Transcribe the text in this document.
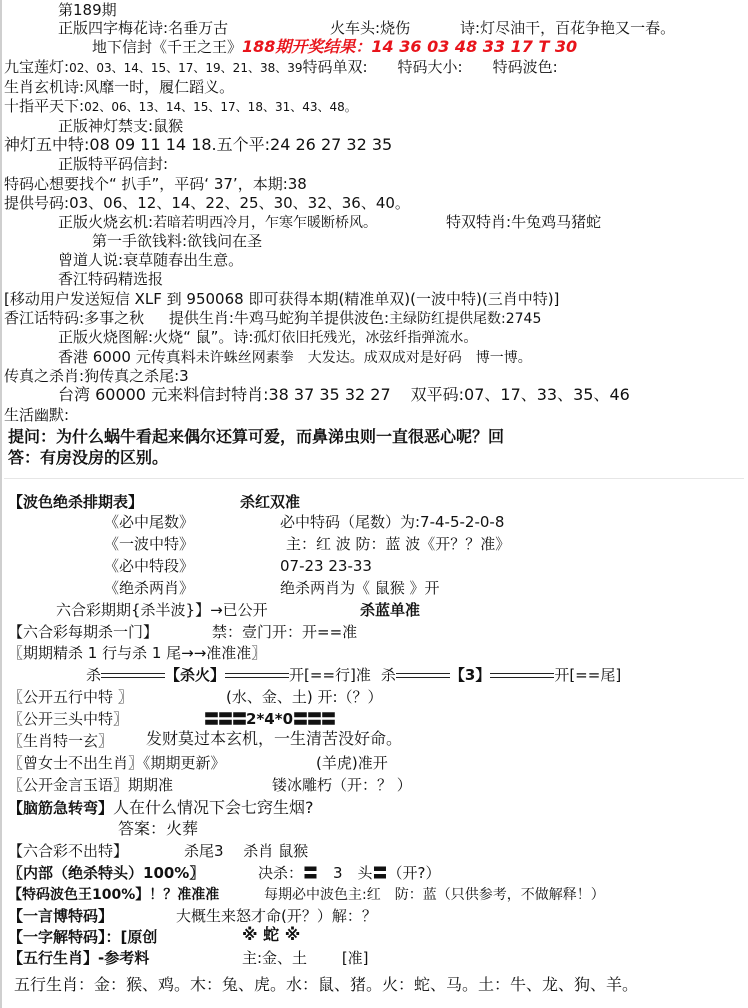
第189期
正版四字梅花诗:名垂万古	火车头:烧伤	诗:灯尽油干，百花争艳又一春。
地下信封《千王之王》188期开奖结果：14 36 03 48 33 17 T 30
九宝莲灯:02、03、14、15、17、19、21、38、39特码单双:　　特码大小:　　特码波色:
生肖玄机诗:风靡一时，履仁蹈义。
十指平天下:02、06、13、14、15、17、18、31、43、48。
正版神灯禁支:鼠猴
神灯五中特:08 09 11 14 18.五个平:24 26 27 32 35
正版特平码信封:
特码心想要找个“ 扒手”，平码‘ 37’，本期:38
提供号码:03、06、12、14、22、25、30、32、36、40。
正版火烧玄机:若暗若明西冷月，乍寒乍暖断桥风。	特双特肖:牛兔鸡马猪蛇
第一手欲钱料:欲钱问在圣
曾道人说:衰草随春出生意。
香江特码精选报
[移动用户发送短信 XLF 到 950068 即可获得本期(精准单双)(一波中特)(三肖中特)]
香江话特码:多事之秋 提供生肖:牛鸡马蛇狗羊提供波色:主绿防红提供尾数:2745
正版火烧图解:火烧“ 鼠”。诗:孤灯依旧托残光，冰弦纤指弹流水。
香港 6000 元传真料未许蛛丝网素拳　大发达。成双成对是好码　博一博。
传真之杀肖:狗传真之杀尾:3
台湾 60000 元来料信封特肖:38 37 35 32 27 双平码:07、17、33、35、46
生活幽默:
提问：为什么蜗牛看起来偶尔还算可爱，而鼻涕虫则一直很恶心呢？回
答：有房没房的区别。
【波色绝杀排期表】	杀红双准
《必中尾数》	必中特码（尾数）为:7-4-5-2-0-8
《一波中特》	主：红 波 防：蓝 波《开？？准》
《必中特段》	07-23 23-33
《绝杀两肖》	绝杀两肖为《 鼠猴 》开
六合彩期期{杀半波}】→已公开	杀蓝单准
【六合彩每期杀一门】	禁：壹门开：开==准
〖期期精杀 1 行与杀 1 尾→→准准准〗
杀	【杀火】	开[==行]准 杀	【3】	开[==尾]
〖公开五行中特 〗	(水、金、土) 开:（？）
〖公开三头中特〗	〓〓〓2*4*0〓〓〓
〖生肖特一玄〗 发财莫过本玄机，一生清苦没好命。
〖曾女士不出生肖〗《期期更新》	(羊虎)准开
〖公开金言玉语〗期期准	镂冰雕朽（开：？ ）
【脑筋急转弯】人在什么情况下会七窍生烟?
答案：火葬
【六合彩不出特】	杀尾3　 杀肖 鼠猴
〖内部（绝杀特头）100%〗	决杀：〓　3　头〓（开?）
【特码波色王100%】！？准准准	每期必中波色主:红　防：蓝（只供参考，不做解释！）
【一言博特码】	大概生来怒才命(开？）解：？
【一字解特码】：[原创	※ 蛇 ※
【五行生肖】-参考料	主:金、土　　 [准]
五行生肖：金：猴、鸡。木：兔、虎。水：鼠、猪。火：蛇、马。土：牛、龙、狗、羊。
